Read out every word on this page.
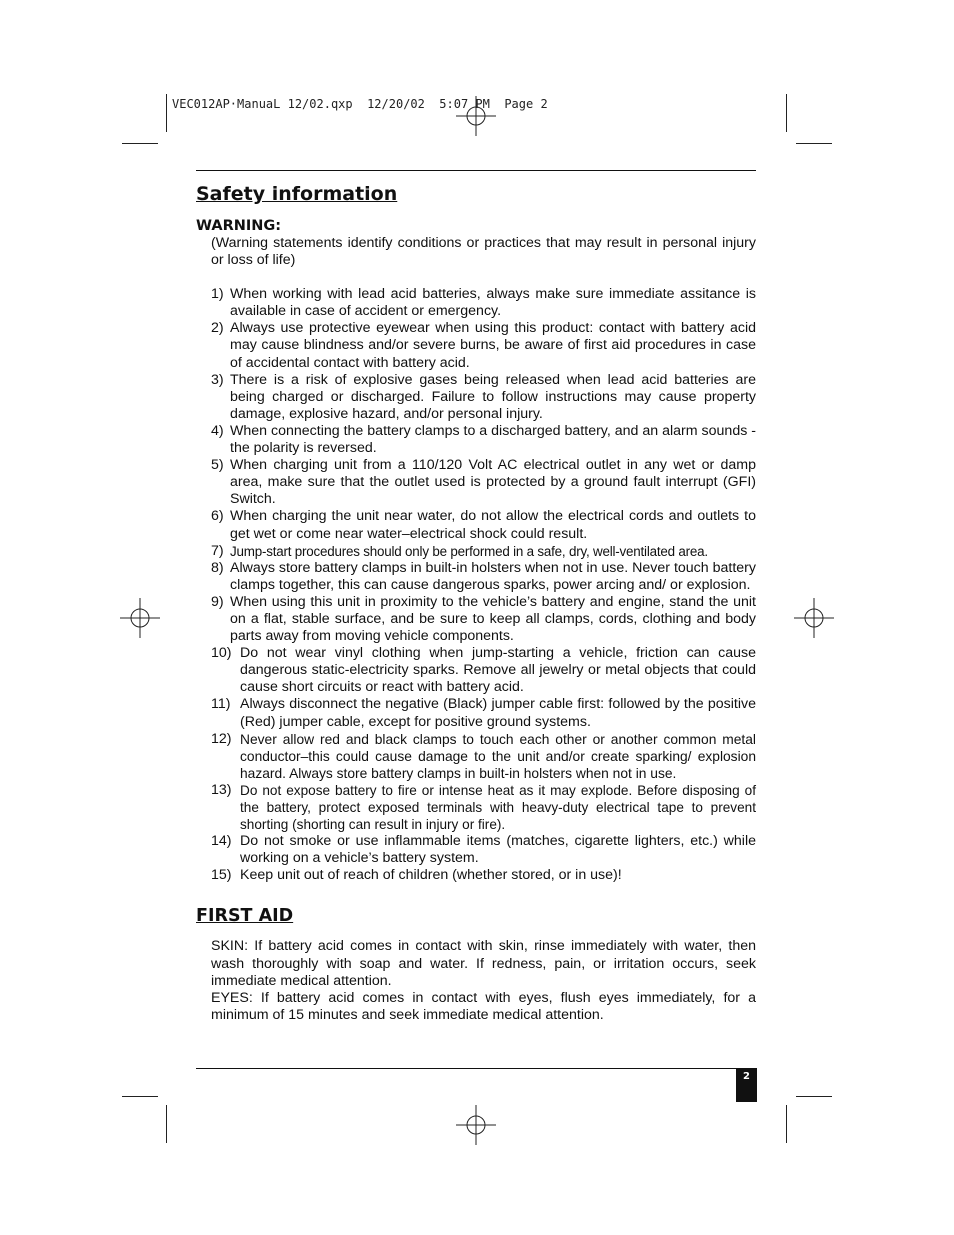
VEC012AP·ManuaL 12/02.qxp  12/20/02  5:07 PM  Page 2
Safety information
WARNING:

(Warning statements identify conditions or practices that may result in personal injury or loss of life)

1) When working with lead acid batteries, always make sure immediate assitance is available in case of accident or emergency.
2) Always use protective eyewear when using this product: contact with battery acid may cause blindness and/or severe burns, be aware of first aid procedures in case of accidental contact with battery acid.
3) There is a risk of explosive gases being released when lead acid batteries are being charged or discharged. Failure to follow instructions may cause property damage, explosive hazard, and/or personal injury.
4) When connecting the battery clamps to a discharged battery, and an alarm sounds - the polarity is reversed.
5) When charging unit from a 110/120 Volt AC electrical outlet in any wet or damp area, make sure that the outlet used is protected by a ground fault interrupt (GFI) Switch.
6) When charging the unit near water, do not allow the electrical cords and outlets to get wet or come near water–electrical shock could result.
7) Jump-start procedures should only be performed in a safe, dry, well-ventilated area.
8) Always store battery clamps in built-in holsters when not in use. Never touch battery clamps together, this can cause dangerous sparks, power arcing and/ or explosion.
9) When using this unit in proximity to the vehicle’s battery and engine, stand the unit on a flat, stable surface, and be sure to keep all clamps, cords, clothing and body parts away from moving vehicle components.
10) Do not wear vinyl clothing when jump-starting a vehicle, friction can cause dangerous static-electricity sparks. Remove all jewelry or metal objects that could cause short circuits or react with battery acid.
11) Always disconnect the negative (Black) jumper cable first: followed by the positive (Red) jumper cable, except for positive ground systems.
12) Never allow red and black clamps to touch each other or another common metal conductor–this could cause damage to the unit and/or create sparking/ explosion hazard. Always store battery clamps in built-in holsters when not in use.
13) Do not expose battery to fire or intense heat as it may explode. Before disposing of the battery, protect exposed terminals with heavy-duty electrical tape to prevent shorting (shorting can result in injury or fire).
14) Do not smoke or use inflammable items (matches, cigarette lighters, etc.) while working on a vehicle’s battery system.
15) Keep unit out of reach of children (whether stored, or in use)!
FIRST AID

SKIN: If battery acid comes in contact with skin, rinse immediately with water, then wash thoroughly with soap and water. If redness, pain, or irritation occurs, seek immediate medical attention.

EYES: If battery acid comes in contact with eyes, flush eyes immediately, for a minimum of 15 minutes and seek immediate medical attention.

2
